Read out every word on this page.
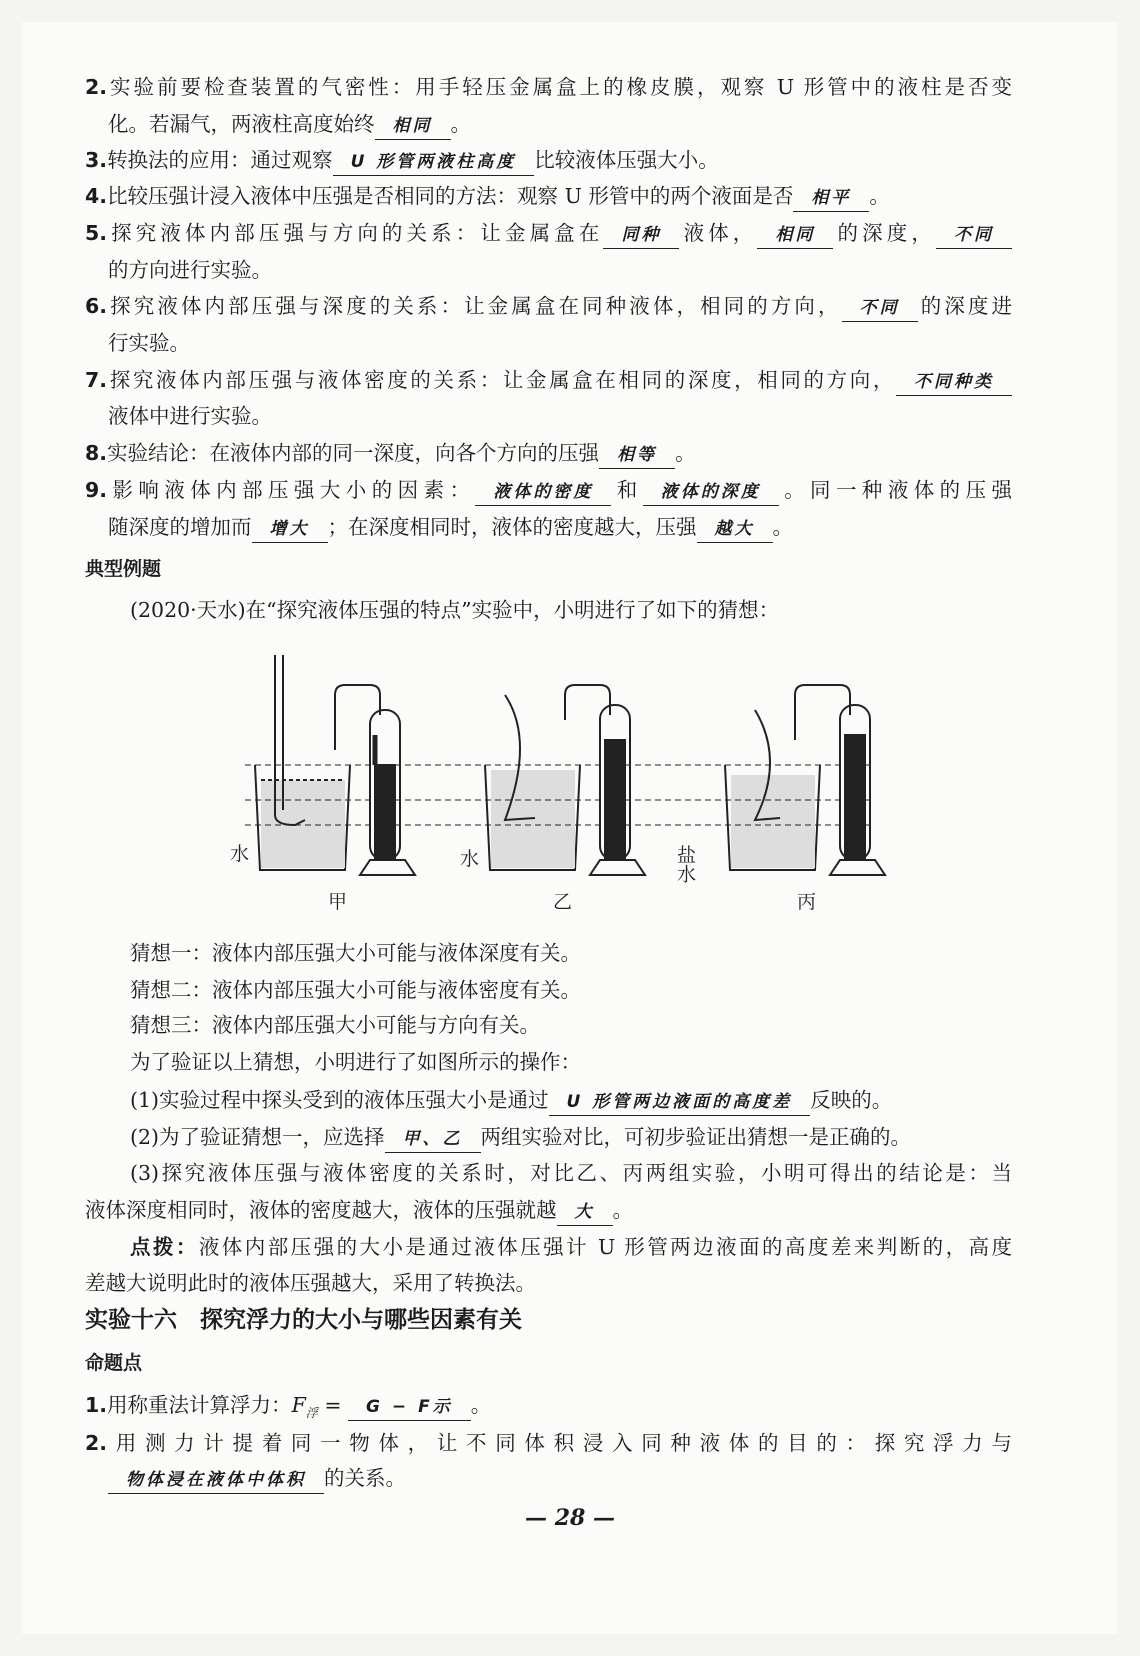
2.实验前要检查装置的气密性：用手轻压金属盒上的橡皮膜，观察 U 形管中的液柱是否变
化。若漏气，两液柱高度始终 相同 。
3.转换法的应用：通过观察 U 形管两液柱高度 比较液体压强大小。
4.比较压强计浸入液体中压强是否相同的方法：观察 U 形管中的两个液面是否 相平 。
5.探究液体内部压强与方向的关系：让金属盒在 同种 液体， 相同 的深度， 不同
的方向进行实验。
6.探究液体内部压强与深度的关系：让金属盒在同种液体，相同的方向， 不同 的深度进
行实验。
7.探究液体内部压强与液体密度的关系：让金属盒在相同的深度，相同的方向， 不同种类
液体中进行实验。
8.实验结论：在液体内部的同一深度，向各个方向的压强 相等 。
9.影响液体内部压强大小的因素： 液体的密度 和 液体的深度 。同一种液体的压强
随深度的增加而 增大 ；在深度相同时，液体的密度越大，压强 越大 。
典型例题
(2020·天水)在“探究液体压强的特点”实验中，小明进行了如下的猜想：
猜想一：液体内部压强大小可能与液体深度有关。
猜想二：液体内部压强大小可能与液体密度有关。
猜想三：液体内部压强大小可能与方向有关。
为了验证以上猜想，小明进行了如图所示的操作：
(1)实验过程中探头受到的液体压强大小是通过 U 形管两边液面的高度差 反映的。
(2)为了验证猜想一，应选择 甲、乙 两组实验对比，可初步验证出猜想一是正确的。
(3)探究液体压强与液体密度的关系时，对比乙、丙两组实验，小明可得出的结论是：当
液体深度相同时，液体的密度越大，液体的压强就越 大 。
点拨：液体内部压强的大小是通过液体压强计 U 形管两边液面的高度差来判断的，高度
差越大说明此时的液体压强越大，采用了转换法。
实验十六　探究浮力的大小与哪些因素有关
命题点
1.用称重法计算浮力：$F_浮 = G - F$示 。
2.用测力计提着同一物体，让不同体积浸入同种液体的目的：探究浮力与
物体浸在液体中体积 的关系。
水	水	盐水
甲	乙	丙
— 28 —
